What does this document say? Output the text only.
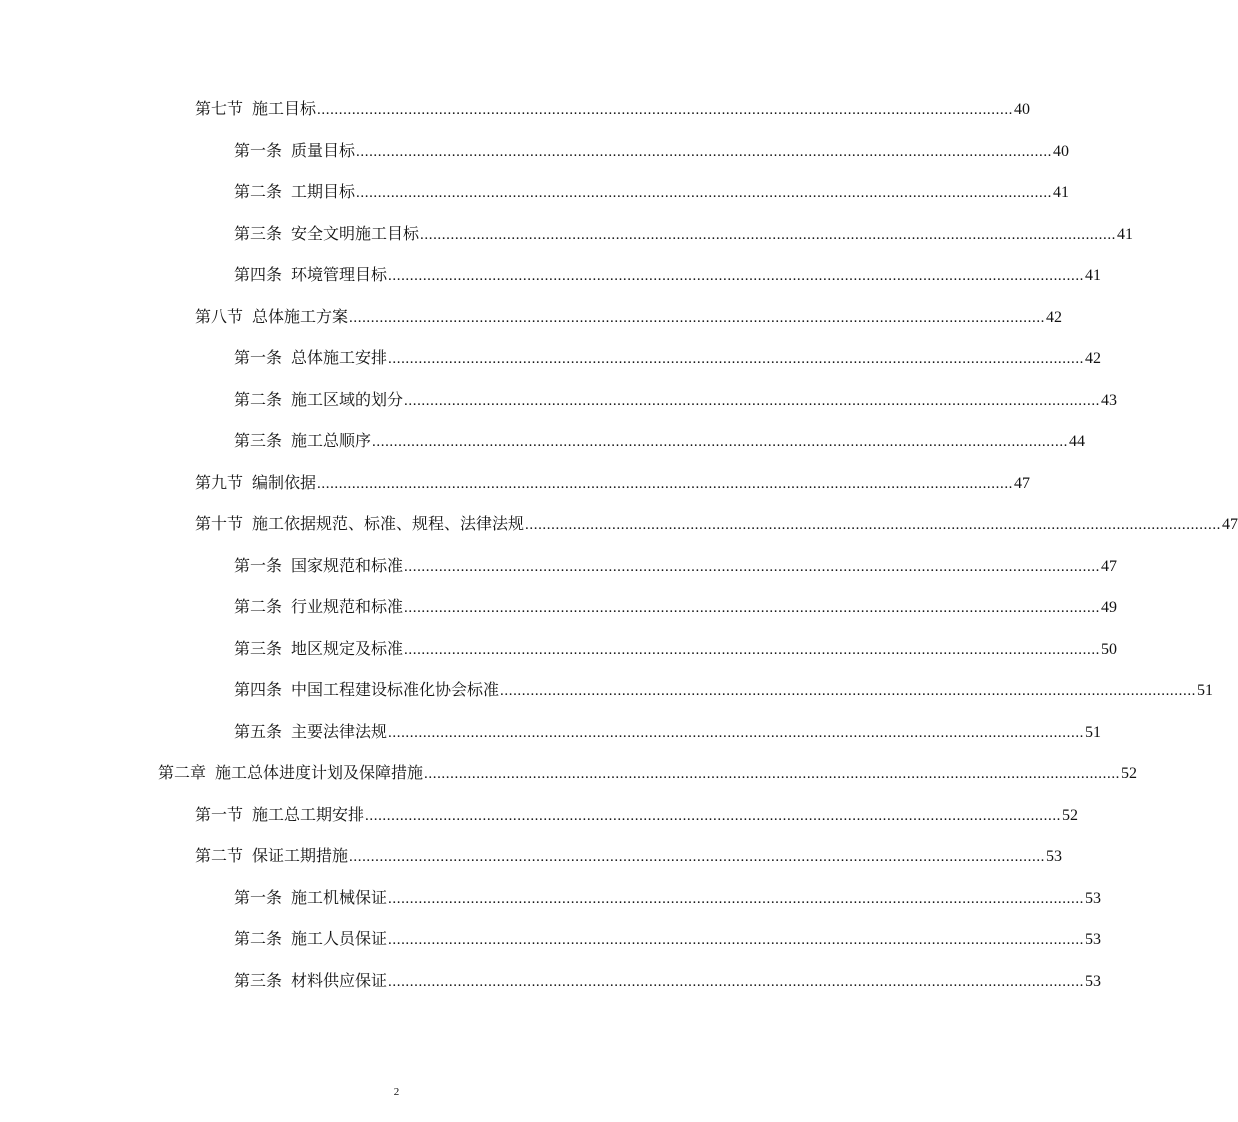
第七节 施工目标 ................................................................................................................................................................ 40
第一条 质量目标 ................................................................................................................................................................ 40
第二条 工期目标 ................................................................................................................................................................ 41
第三条 安全文明施工目标 ................................................................................................................................................................ 41
第四条 环境管理目标 ................................................................................................................................................................ 41
第八节 总体施工方案 ................................................................................................................................................................ 42
第一条 总体施工安排 ................................................................................................................................................................ 42
第二条 施工区域的划分 ................................................................................................................................................................ 43
第三条 施工总顺序 ................................................................................................................................................................ 44
第九节 编制依据 ................................................................................................................................................................ 47
第十节 施工依据规范、标准、规程、法律法规 ................................................................................................................................................................ 47
第一条 国家规范和标准 ................................................................................................................................................................ 47
第二条 行业规范和标准 ................................................................................................................................................................ 49
第三条 地区规定及标准 ................................................................................................................................................................ 50
第四条 中国工程建设标准化协会标准 ................................................................................................................................................................ 51
第五条 主要法律法规 ................................................................................................................................................................ 51
第二章 施工总体进度计划及保障措施 ................................................................................................................................................................ 52
第一节 施工总工期安排 ................................................................................................................................................................ 52
第二节 保证工期措施 ................................................................................................................................................................ 53
第一条 施工机械保证 ................................................................................................................................................................ 53
第二条 施工人员保证 ................................................................................................................................................................ 53
第三条 材料供应保证 ................................................................................................................................................................ 53
2
